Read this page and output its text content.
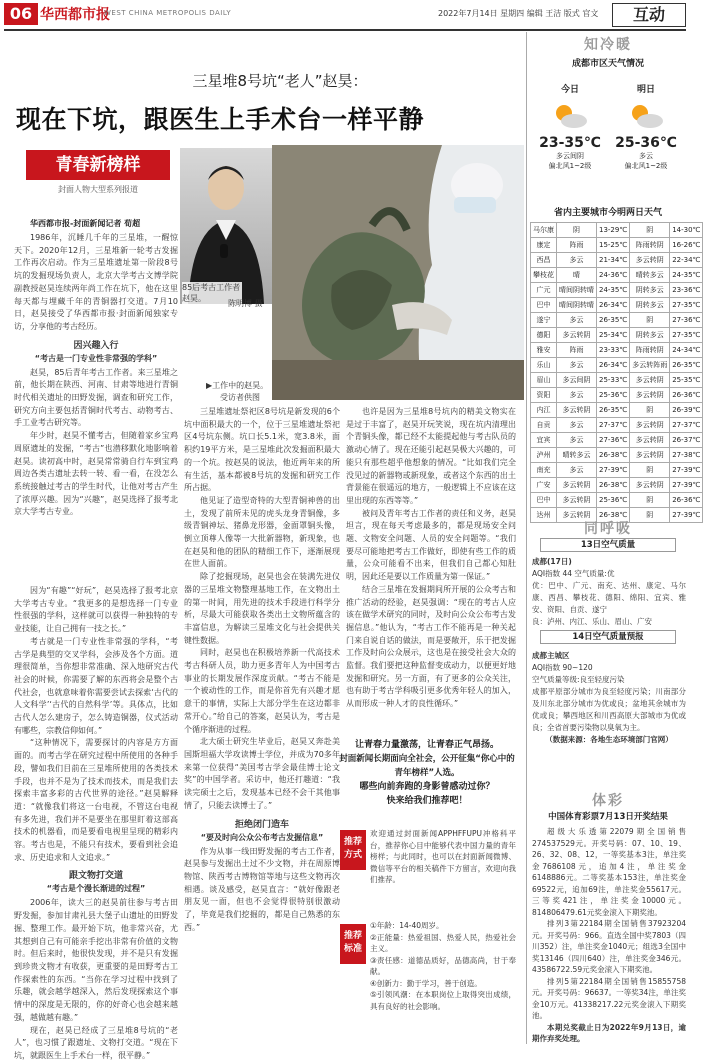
06 华西都市报
WEST CHINA METROPOLIS DAILY	2022年7月14日 星期四 编辑 王洁 版式 官文	互动
三星堆8号坑“老人”赵昊：
现在下坑，跟医生上手术台一样平静
青春新榜样
封面人物大型系列报道
华西都市报-封面新闻记者 荀超
85后考古工作者赵昊。
陈明博 摄
▶工作中的赵昊。
受访者供图

1986年，沉睡几千年的三星堆，一醒惊天下。2020年12月，三星堆新一轮考古发掘工作再次启动。作为三星堆遗址第一阶段8号坑的发掘现场负责人，北京大学考古文博学院副教授赵昊连续两年尚工作在坑下，他在这里每天都与埋藏千年的青铜器打交道。7月10日，赵昊接受了华西都市报·封面新闻独家专访，分享他的考古经历。

因兴趣入行
“考古是一门专业性非常强的学科”

赵昊，85后青年考古工作者。来三星堆之前，他长期在陕西、河南、甘肃等地进行青铜时代相关遗址的田野发掘，调查和研究工作，研究方向主要包括青铜时代考古、动物考古、手工业考古研究等。

年少时，赵昊不懂考古，但随着家乡宝鸡周原遗址的发掘，“考古”也潜移默化地影响着赵昊。读初高中时，赵昊常常骑自行车到宝鸡周边各类古遗址去转一转、看一看，在没怎么系统接触过考古的学生时代，让他对考古产生了浓厚兴趣。因为“兴趣”，赵昊选择了报考北京大学考古专业。

因为“有趣”“好玩”，赵昊选择了报考北京大学考古专业。“我更多的是想选择一门专业性很强的学科，这样就可以获得一种独特的专业技能，让自己拥有一技之长。”

考古就是一门专业性非常强的学科，“考古学是典型的交叉学科，会涉及各个方面。道理很简单，当你想非常准确、深入地研究古代社会的时候，你需要了解的东西将会是整个古代社会，也就意味着你需要尝试去探索‘古代的人文科学’‘古代的自然科学’等。具体点，比如古代人怎么建房子，怎么铸造铜器，仪式活动有哪些，宗教信仰如何。”

“这种情况下，需要探讨的内容是方方面面的。而考古学在研究过程中所使用的各种手段，譬如我们目前在三星堆所使用的各类技术手段，也并不是为了技术而技术，而是我们去探索丰富多彩的古代世界的途径。”赵昊解释道：“就像我们将这一台电视，不管这台电视有多先进，我们并不是要坐在那里盯着这部高技术的机器看，而是要看电视里呈现的精彩内容。考古也是，不能只有技术，要看到社会追求、历史追求和人文追求。”

跟文物打交道
“考古是个漫长渐进的过程”

2006年，读大三的赵昊前往参与考古田野发掘，参加甘肃礼县大堡子山遗址的田野发掘、整理工作。最开始下坑，他非常兴奋，尤其想到自己有可能亲手挖出非常有价值的文物时。但后来时，他很快发现，并不是只有发掘到珍贵文物才有收获，更重要的是田野考古工作探索性的东西。“当你在学习过程中找到了乐趣，就会越学越深入，然后发现探索这个事情中的深度是无限的，你的好奇心也会越来越强，越做越有趣。”

现在，赵昊已经成了三星堆8号坑的“老人”，也习惯了跟遗址、文物打交道。“现在下坑，就跟医生上手术台一样，很平静。”

三星堆遗址祭祀区8号坑是新发现的6个坑中面积最大的一个，位于三星堆遗址祭祀区4号坑东侧。坑口长5.1米，宽3.8米，面积约19平方米，是三星堆此次发掘面积最大的一个坑。按赵昊的说法，他近两年来的所有生活，基本都被8号坑的发掘和研究工作所占据。

他见证了造型奇特的大型青铜神兽的出土，发现了前所未见的虎头龙身青铜像，多级青铜神坛、猪鼻龙形器，金面罩铜头像，倒立顶尊人像等一大批新器物，新现象，也在赵昊和他的团队的精细工作下，逐渐展现在世人面前。

除了挖掘现场，赵昊也会在装满先进仪器的三星堆文物整理基地工作，在文物出土的第一时间，用先进的技术手段进行科学分析，尽最大可能获取各类出土文物所蕴含的丰富信息，为解读三星堆文化与社会提供关键性数据。

同时，赵昊也在积极培养新一代高技术考古科研人员，助力更多青年人为中国考古事业的长期发展作深度贡献。“考古不能是一个被动性的工作，而是你首先有兴趣才愿意干的事情，实际上大部分学生在这边都非常开心。”给自己的答案，赵昊认为，考古是个循序渐进的过程。

北大硕士研究生毕业后，赵昊又奔赴美国斯坦福大学攻读博士学位，并成为70多年来第一位获得“美国考古学会最佳博士论文奖”的中国学者。采访中，他还打趣道：“我读完硕士之后，发现基本已经不会干其他事情了，只能去读博士了。”

拒绝闭门造车
“要及时向公众公布考古发掘信息”

作为从事一线田野发掘的考古工作者，赵昊参与发掘出土过不少文物，并在周原博物馆、陕西考古博物馆等地与这些文物再次相遇。谈及感受，赵昊直言：“就好像跟老朋友见一面，但也不会觉得很特别很激动了，毕竟是我们挖掘的，都是自己熟悉的东西。”

也许是因为三星堆8号坑内的精美文物实在是过于丰富了，赵昊开玩笑说，现在坑内清理出个青铜头像，都已经不太能提起他与考古队员的激动心情了。现在还能引起赵昊极大兴趣的，可能只有那些超乎他想象的情况。“比如我们完全没见过的新器物或新现象，或者这个东西的出土背景能在很遥远的地方，一般逻辑上不应该在这里出现的东西等等。”

被问及青年考古工作者的责任和义务，赵昊坦言，现在每天考虑最多的，都是现场安全问题、文物安全问题、人员的安全问题等。“我们要尽可能地把考古工作做好，即使有些工作的质量，公众可能看不出来，但我们自己都心知肚明，因此还是要以工作质量为第一保证。”

结合三星堆在发掘期间所开展的公众考古和推广活动的经验，赵昊强调：“现在的考古人应该在做学术研究的同时，及时向公众公布考古发掘信息。”他认为，“考古工作不能再是一种关起门来自说自话的做法，而是要敞开，乐于把发掘工作及时向公众展示，这也是在接受社会大众的监督。我们要把这种监督变成动力，以便更好地发掘和研究。另一方面，有了更多的公众关注，也有助于考古学科吸引更多优秀年轻人的加入，从而形成一种人才的良性循环。”

让青春力量激荡，让青春正气昂扬。
封面新闻长期面向全社会，公开征集“你心中的青年榜样”人选。
哪些向前奔跑的身影曾感动过你？
快来给我们推荐吧！
推荐方式
欢迎通过封面新闻APPHFFUPU冲格科平台，推荐你心目中能够代表中国力量的青年榜样；与此同时，也可以在封面新闻微博、微信等平台的相关稿件下方留言，欢迎向我们推荐。
推荐标准
①年龄：14-40周岁。
②正能量：热爱祖国、热爱人民，热爱社会主义。
③责任感：道德品质好，品德高尚，甘于奉献。
④创新力：勤于学习，善于创造。
⑤引领风潮：在本职岗位上取得突出成绩，具有良好的社会影响。
知冷暖
成都市区天气情况
今日
23-35℃
多云间阴
偏北风1~2级
明日
25-36℃
多云
偏北风1~2级
省内主要城市今明两日天气
马尔康	阴	13-29℃	阴	14-30℃
康定	阵雨	15-25℃	阵雨转阴	16-26℃
西昌	多云	21-34℃	多云转阴	22-34℃
攀枝花	晴	24-36℃	晴转多云	24-35℃
广元	晴间阴转晴	24-35℃	阴转多云	23-36℃
巴中	晴间阴转晴	26-34℃	阴转多云	27-35℃
遂宁	多云	26-35℃	阴	27-36℃
德阳	多云转阴	25-34℃	阴转多云	27-35℃
雅安	阵雨	23-33℃	阵雨转阴	24-34℃
乐山	多云	26-34℃	多云转阵雨	26-35℃
眉山	多云间阴	25-33℃	多云转阴	25-35℃
资阳	多云	25-36℃	多云转阴	26-36℃
内江	多云转阴	26-35℃	阴	26-39℃
自贡	多云	27-37℃	多云转阴	27-37℃
宜宾	多云	27-36℃	多云转阴	26-37℃
泸州	晴转多云	26-38℃	多云转阴	27-38℃
南充	多云	27-39℃	阴	27-39℃
广安	多云转阴	26-38℃	多云转阴	27-39℃
巴中	多云转阴	25-36℃	阴	26-36℃
达州	多云转阴	26-38℃	阴	27-39℃
同呼吸
13日空气质量
成都(17日)
AQI指数 44 空气质量:优
优：巴中、广元、南充、达州、康定、马尔康、西昌、攀枝花、德阳、绵阳、宜宾、雅安、资阳、自贡、遂宁
良：泸州、内江、乐山、眉山、广安
14日空气质量预报
成都主城区
AQI指数 90~120
空气质量等级:良至轻度污染
成都平原部分城市为良至轻度污染；川南部分及川东北部分城市为优或良；盆地其余城市为优或良；攀西地区和川西高原大部城市为优或良；全省首要污染物以臭氧为主。
（数据来源：各地生态环境部门官网）
体彩
中国体育彩票7月13日开奖结果

超级大乐透第22079期全国销售274537529元。开奖号码：07、10、19、26、32、08、12，一等奖基本3注，单注奖金7686108元，追加4注，单注奖金6148886元。二等奖基本153注，单注奖金69522元，追加69注，单注奖金55617元。三等奖421注，单注奖金10000元。814806479.61元奖金滚入下期奖池。

排列3第22184期全国销售37923204元。开奖号码：966。直选全国中奖7803（四川352）注，单注奖金1040元；组选3全国中奖13146（四川640）注，单注奖金346元。43586722.59元奖金滚入下期奖池。

排列5第22184期全国销售15855758元。开奖号码：96637。一等奖34注，单注奖金10万元。41338217.22元奖金滚入下期奖池。

本期兑奖截止日为2022年9月13日，逾期作弃奖处理。
